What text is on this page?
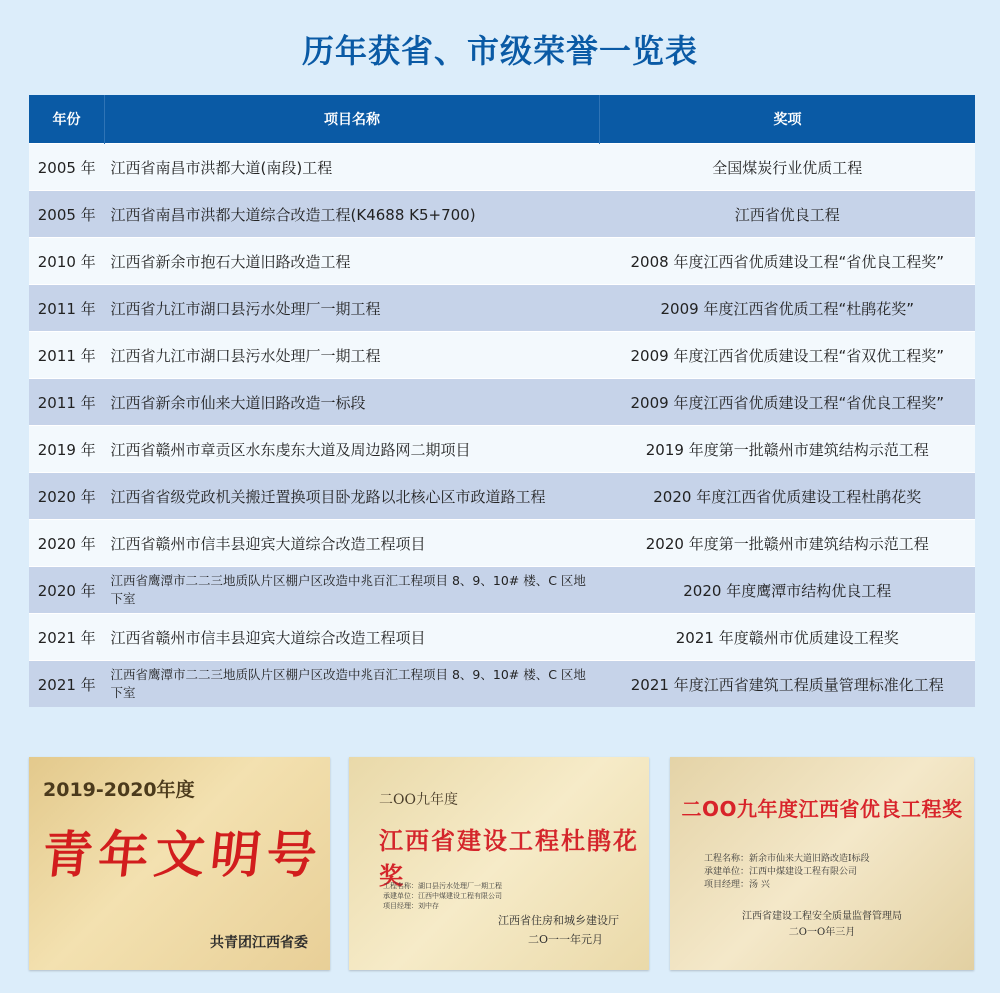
历年获省、市级荣誉一览表
年份	项目名称	奖项
2005 年	江西省南昌市洪都大道(南段)工程	全国煤炭行业优质工程
2005 年	江西省南昌市洪都大道综合改造工程(K4688 K5+700)	江西省优良工程
2010 年	江西省新余市抱石大道旧路改造工程	2008 年度江西省优质建设工程“省优良工程奖”
2011 年	江西省九江市湖口县污水处理厂一期工程	2009 年度江西省优质工程“杜鹃花奖”
2011 年	江西省九江市湖口县污水处理厂一期工程	2009 年度江西省优质建设工程“省双优工程奖”
2011 年	江西省新余市仙来大道旧路改造一标段	2009 年度江西省优质建设工程“省优良工程奖”
2019 年	江西省赣州市章贡区水东虔东大道及周边路网二期项目	2019 年度第一批赣州市建筑结构示范工程
2020 年	江西省省级党政机关搬迁置换项目卧龙路以北核心区市政道路工程	2020 年度江西省优质建设工程杜鹃花奖
2020 年	江西省赣州市信丰县迎宾大道综合改造工程项目	2020 年度第一批赣州市建筑结构示范工程
2020 年	江西省鹰潭市二二三地质队片区棚户区改造中兆百汇工程项目 8、9、10# 楼、C 区地下室	2020 年度鹰潭市结构优良工程
2021 年	江西省赣州市信丰县迎宾大道综合改造工程项目	2021 年度赣州市优质建设工程奖
2021 年	江西省鹰潭市二二三地质队片区棚户区改造中兆百汇工程项目 8、9、10# 楼、C 区地下室	2021 年度江西省建筑工程质量管理标准化工程
2019-2020年度
青年文明号
共青团江西省委
二OO九年度
江西省建设工程杜鹃花奖
工程名称：湖口县污水处理厂一期工程
承建单位：江西中煤建设工程有限公司
项目经理：刘中存
江西省住房和城乡建设厅
二O一一年元月
二OO九年度江西省优良工程奖
工程名称：新余市仙来大道旧路改造Ⅰ标段
承建单位：江西中煤建设工程有限公司
项目经理：汤 兴
江西省建设工程安全质量监督管理局
二O一O年三月
